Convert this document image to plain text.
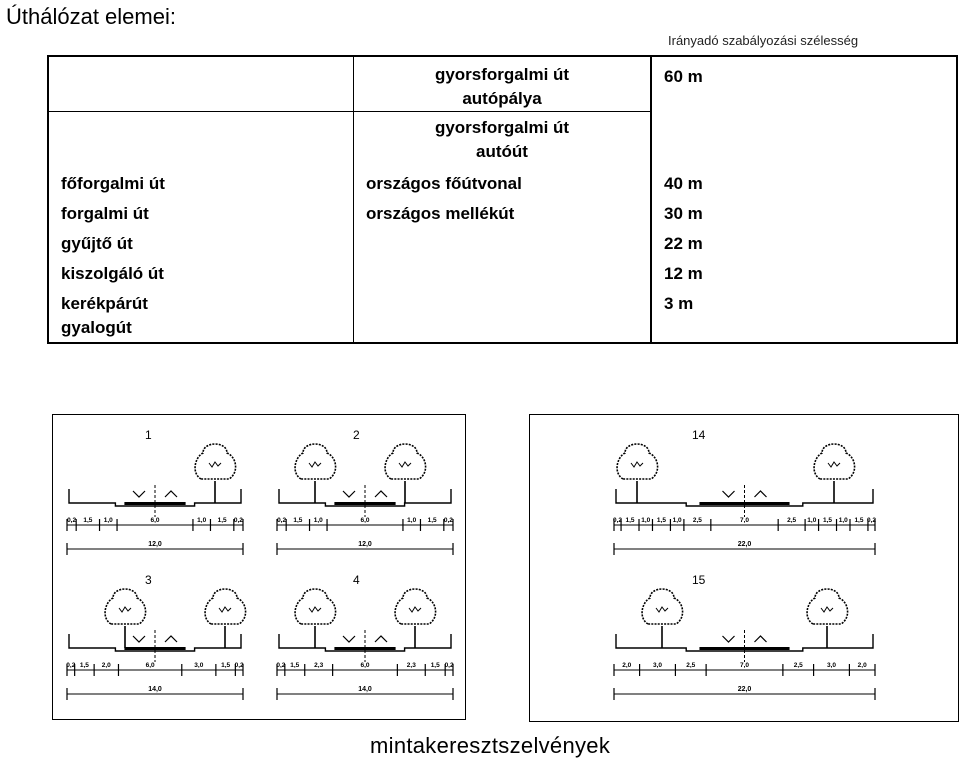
Úthálózat elemei:
Irányadó szabályozási szélesség

	gyorsforgalmi út
autópálya	60 m

	gyorsforgalmi út
autóút	

főforgalmi út	országos főútvonal	40 m
forgalmi út	országos mellékút	30 m
gyűjtő út		22 m
kiszolgáló út		12 m

kerékpárút
gyalogút		3 m
1
0,2 1,5 1,0	6,0	1,0 1,5 0,2
12,0
2
0,2 1,5 1,0	6,0	1,0 1,5 0,2
12,0
3
0,2 1,5 2,0	6,0	3,0	1,5 0,2
14,0
4
0,2 1,5 2,3	6,0	2,3 1,5 0,2
14,0
14
0,2 1,5 1,0 1,5 1,0 2,5	7,0	2,5 1,0 1,5 1,0 1,5 0,2
22,0
15
2,0	3,0	2,5	7,0	2,5	3,0	2,0
22,0
mintakeresztszelvények
